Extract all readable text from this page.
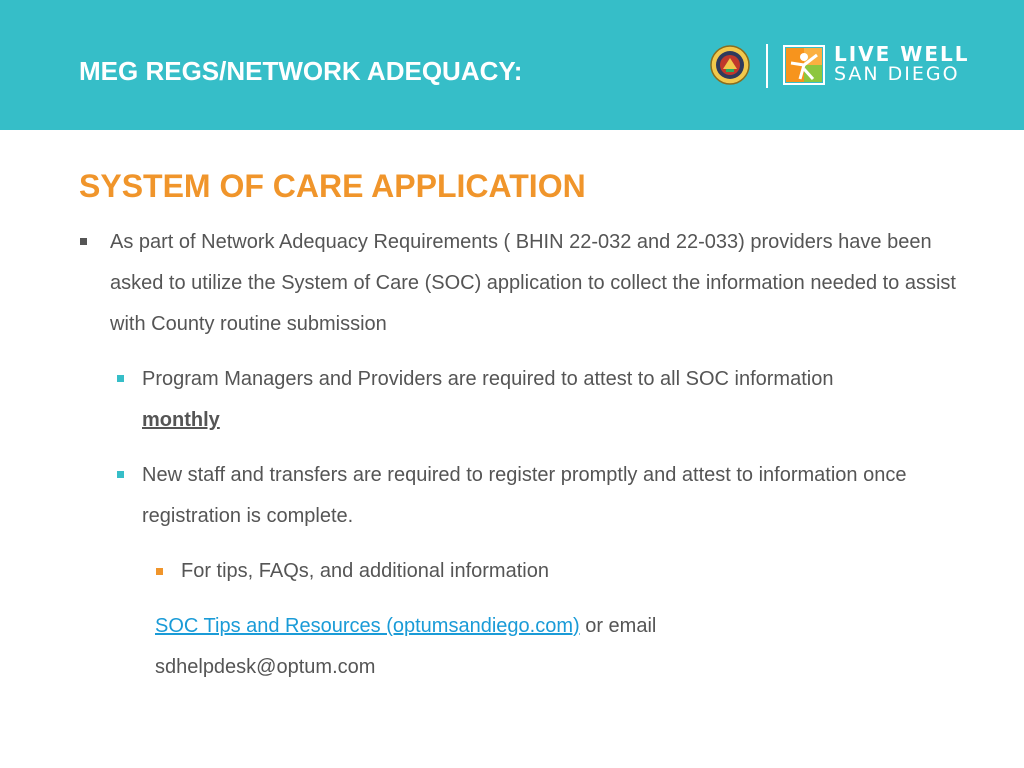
MEG REGS/NETWORK ADEQUACY:
LIVE WELL
SAN DIEGO
SYSTEM OF CARE APPLICATION
As part of Network Adequacy Requirements ( BHIN 22-032 and 22-033) providers have been asked to utilize the System of Care (SOC) application to collect the information needed to assist with County routine submission
Program Managers and Providers are required to attest to all SOC information
monthly
New staff and transfers are required to register promptly and attest to information once registration is complete.
For tips, FAQs, and additional information
SOC Tips and Resources (optumsandiego.com) or email
sdhelpdesk@optum.com
